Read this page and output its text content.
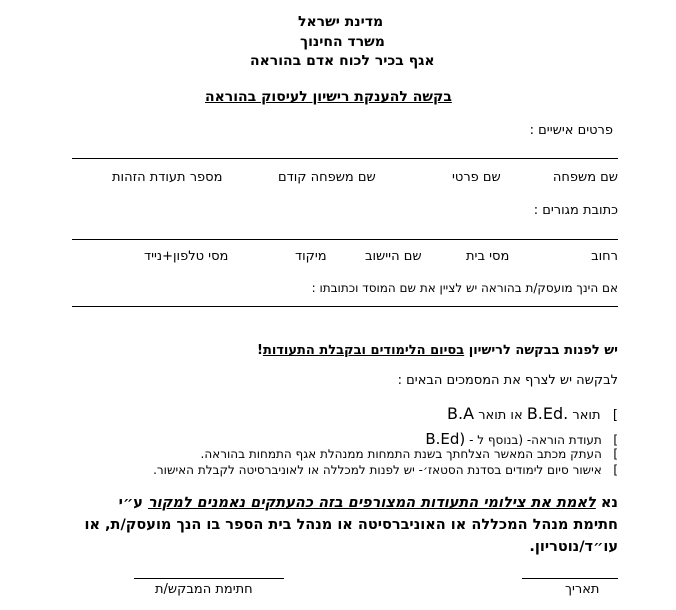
מדינת ישראל
משרד החינוך
אגף בכיר לכוח אדם בהוראה
בקשה להענקת רישיון לעיסוק בהוראה
פרטים אישיים :
שם משפחה
שם פרטי
שם משפחה קודם
מספר תעודת הזהות
כתובת מגורים :
רחוב
מסי בית
שם היישוב
מיקוד
מסי טלפון+נייד
אם הינך מועסק/ת בהוראה יש לציין את שם המוסד וכתובתו :
יש לפנות בבקשה לרישיון בסיום הלימודים ובקבלת התעודות!
לבקשה יש לצרף את המסמכים הבאים :
]   תואר B.Ed. או תואר B.A
]   תעודת הוראה- (בנוסף ל - B.Ed)
]   העתק מכתב המאשר הצלחתך בשנת התמחות ממנהלת אגף התמחות בהוראה.
]   אישור סיום לימודים בסדנת הסטאז׳- יש לפנות למכללה או לאוניברסיטה לקבלת האישור.
נא לאמת את צילומי התעודות המצורפים בזה כהעתקים נאמנים למקור ע״י
חתימת מנהל המכללה או האוניברסיטה או מנהל בית הספר בו הנך מועסק/ת, או
עו״ד/נוטריון.
תאריך
חתימת המבקש/ת
